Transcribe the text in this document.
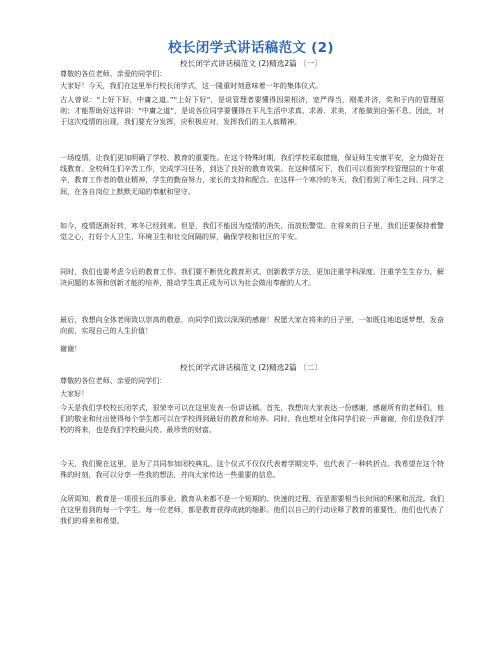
校长闭学式讲话稿范文 (2)
校长闭学式讲话稿范文 (2)精选2篇 〔一〕
尊敬的各位老师、亲爱的同学们：
大家好！今天，我们在这里举行校长闭学式，这一隆重时刻意味着一年的集体仪式。
古人曾说：“上好下好，中庸之道。”“上好下好”，是说管理者要懂得因果相济，宽严得当，刚柔并济，奖和于内的管理原则；才能帮助好这样讲：“中庸之道”，是说各位同学要懂得在平凡生活中求真、求善、求美，才能做到自强不息。因此，对于这次疫情的出现，我们要充分发挥，应积极应对，发挥我们的主人翁精神。
一场疫情，让我们更加明确了学校、教育的重要性。在这个特殊时期，我们学校采取措施，保证师生安康平安，全力做好在线教育。全校师生们辛苦工作，完成学习任务，到达了良好的教育效果。在这种情况下，我们可以看到学校管理层的十年艰辛，教育工作者的敬业精神，学生的勤奋努力，家长的支持和配合。在这样一个寒冷的冬天，我们看到了师生之间、同学之间，在各自岗位上默默无闻的奉献和坚守。
如今，疫情逐渐好转，寒冬已经到来。但是，我们不能因为疫情的消失，而放松警觉。在将来的日子里，我们还要保持着警觉之心，打好个人卫生、环境卫生和社交间隔的屏，确保学校和社区的平安。
同时，我们也要考虑今后的教育工作。我们要不断优化教育形式，创新教学方法，更加注重学科深度，注重学生生存力，解决问题的本领和创新才能的培养，推动学生真正成为可以为社会做出奉献的人才。
最后，我想向全体老师致以崇高的敬意，向同学们致以深深的感谢！祝愿大家在将来的日子里，一如既往地追逐梦想，发奋向前，实现自己的人生价值！
谢谢！
校长闭学式讲话稿范文 (2)精选2篇 〔二〕
尊敬的各位老师、亲爱的同学们：
大家好！
今天是我们学校校长闭学式，很荣幸可以在这里发表一份讲话稿。首先，我想向大家表达一份感谢，感谢所有的老师们，他们的敬业和付出使得每个学生都可以在学校得到最好的教育和培养。同时，我也想对全体同学们说一声谢谢，你们是我们学校的将来，也是我们学校最闪亮、最珍贵的财富。
今天，我们聚在这里，是为了共同参加闭校典礼。这个仪式不仅仅代表着学期完毕，也代表了一种转折点。我希望在这个特殊的时刻，我可以分享一些我的想法，并向大家传达一些重要的信息。
众所周知，教育是一项很长远的事业。教育从来都不是一个短期的、快速的过程，而是需要相当长时间的积累和沉淀。我们在这里看到的每一个学生、每一位老师，都是教育获得成就的缩影。他们以自己的行动诠释了教育的重要性，他们也代表了我们的将来和希望。
